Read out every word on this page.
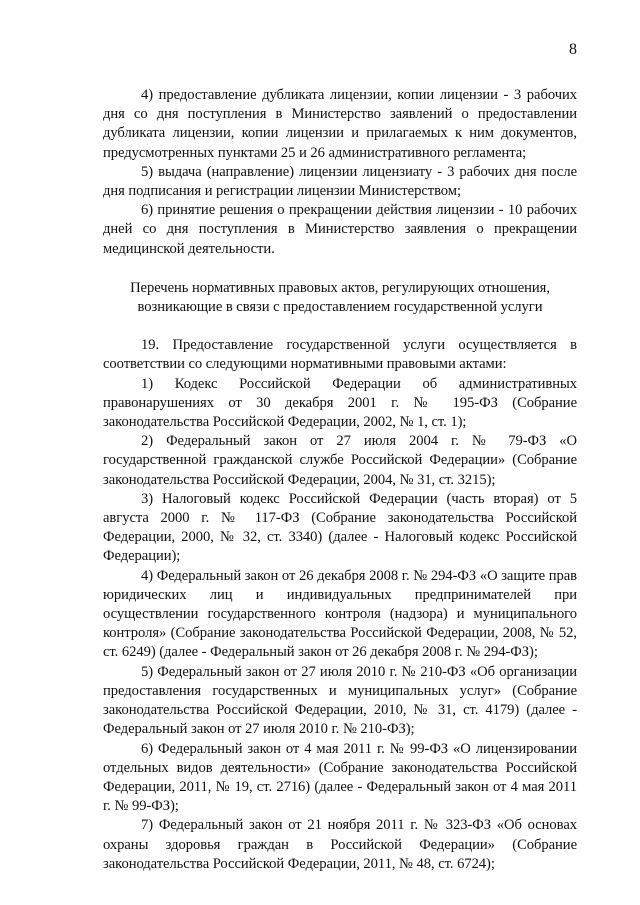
8

4) предоставление дубликата лицензии, копии лицензии - 3 рабочих дня со дня поступления в Министерство заявлений о предоставлении дубликата лицензии, копии лицензии и прилагаемых к ним документов, предусмотренных пунктами 25 и 26 административного регламента;

5) выдача (направление) лицензии лицензиату - 3 рабочих дня после дня подписания и регистрации лицензии Министерством;

6) принятие решения о прекращении действия лицензии - 10 рабочих дней со дня поступления в Министерство заявления о прекращении медицинской деятельности.

Перечень нормативных правовых актов, регулирующих отношения,
возникающие в связи с предоставлением государственной услуги

19. Предоставление государственной услуги осуществляется в соответствии со следующими нормативными правовыми актами:

1) Кодекс Российской Федерации об административных правонарушениях от 30 декабря 2001 г. № 195-ФЗ (Собрание законодательства Российской Федерации, 2002, № 1, ст. 1);

2) Федеральный закон от 27 июля 2004 г. № 79-ФЗ «О государственной гражданской службе Российской Федерации» (Собрание законодательства Российской Федерации, 2004, № 31, ст. 3215);

3) Налоговый кодекс Российской Федерации (часть вторая) от 5 августа 2000 г. № 117-ФЗ (Собрание законодательства Российской Федерации, 2000, № 32, ст. 3340) (далее - Налоговый кодекс Российской Федерации);

4) Федеральный закон от 26 декабря 2008 г. № 294-ФЗ «О защите прав юридических лиц и индивидуальных предпринимателей при осуществлении государственного контроля (надзора) и муниципального контроля» (Собрание законодательства Российской Федерации, 2008, № 52, ст. 6249) (далее - Федеральный закон от 26 декабря 2008 г. № 294-ФЗ);

5) Федеральный закон от 27 июля 2010 г. № 210-ФЗ «Об организации предоставления государственных и муниципальных услуг» (Собрание законодательства Российской Федерации, 2010, № 31, ст. 4179) (далее - Федеральный закон от 27 июля 2010 г. № 210-ФЗ);

6) Федеральный закон от 4 мая 2011 г. № 99-ФЗ «О лицензировании отдельных видов деятельности» (Собрание законодательства Российской Федерации, 2011, № 19, ст. 2716) (далее - Федеральный закон от 4 мая 2011 г. № 99-ФЗ);

7) Федеральный закон от 21 ноября 2011 г. № 323-ФЗ «Об основах охраны здоровья граждан в Российской Федерации» (Собрание законодательства Российской Федерации, 2011, № 48, ст. 6724);
